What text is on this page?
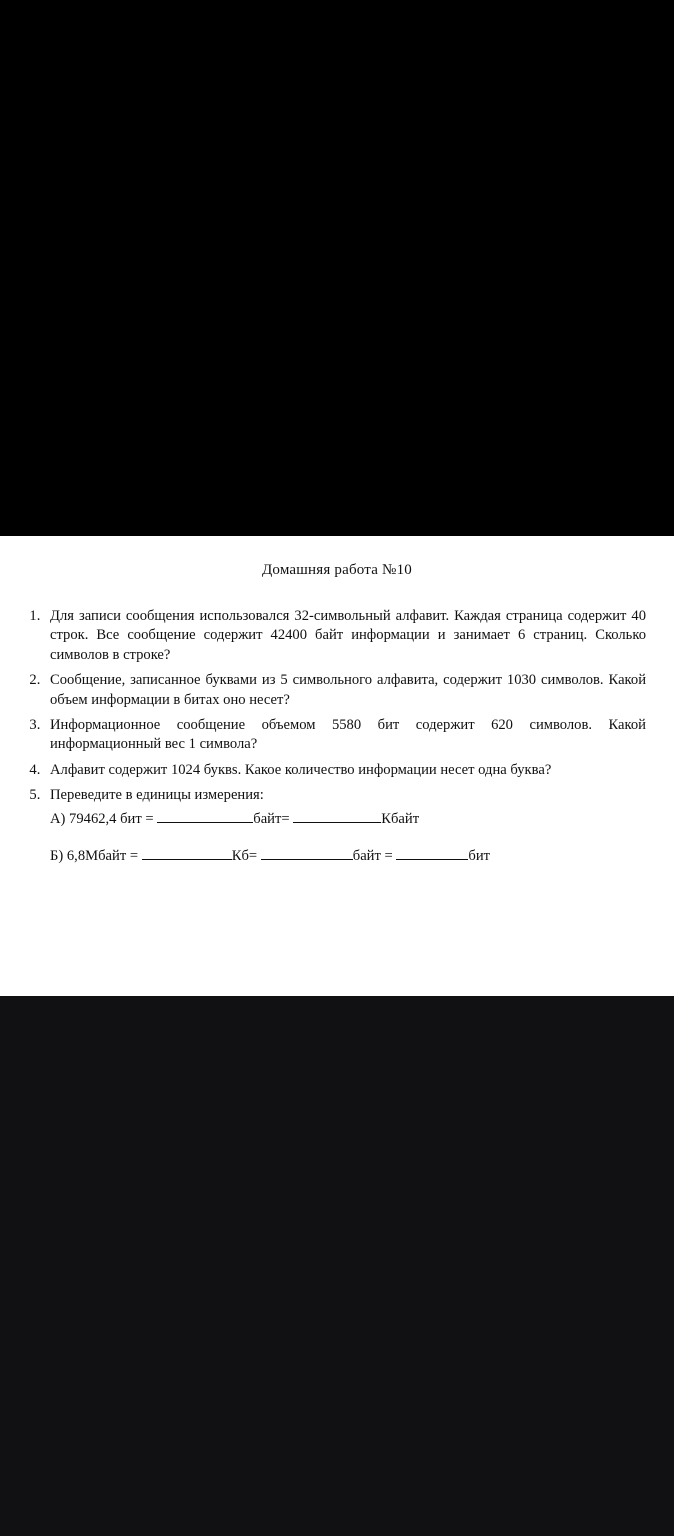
Домашняя работа №10
1. Для записи сообщения использовался 32-символьный алфавит. Каждая страница содержит 40 строк. Все сообщение содержит 42400 байт информации и занимает 6 страниц. Сколько символов в строке?
2. Сообщение, записанное буквами из 5 символьного алфавита, содержит 1030 символов. Какой объем информации в битах оно несет?
3. Информационное сообщение объемом 5580 бит содержит 620 символов. Какой информационный вес 1 символа?
4. Алфавит содержит 1024 буквs. Какое количество информации несет одна буква?
5. Переведите в единицы измерения:
А) 79462,4 бит =	байт=	Кбайт
Б) 6,8Мбайт =	Кб=	байт =	бит
